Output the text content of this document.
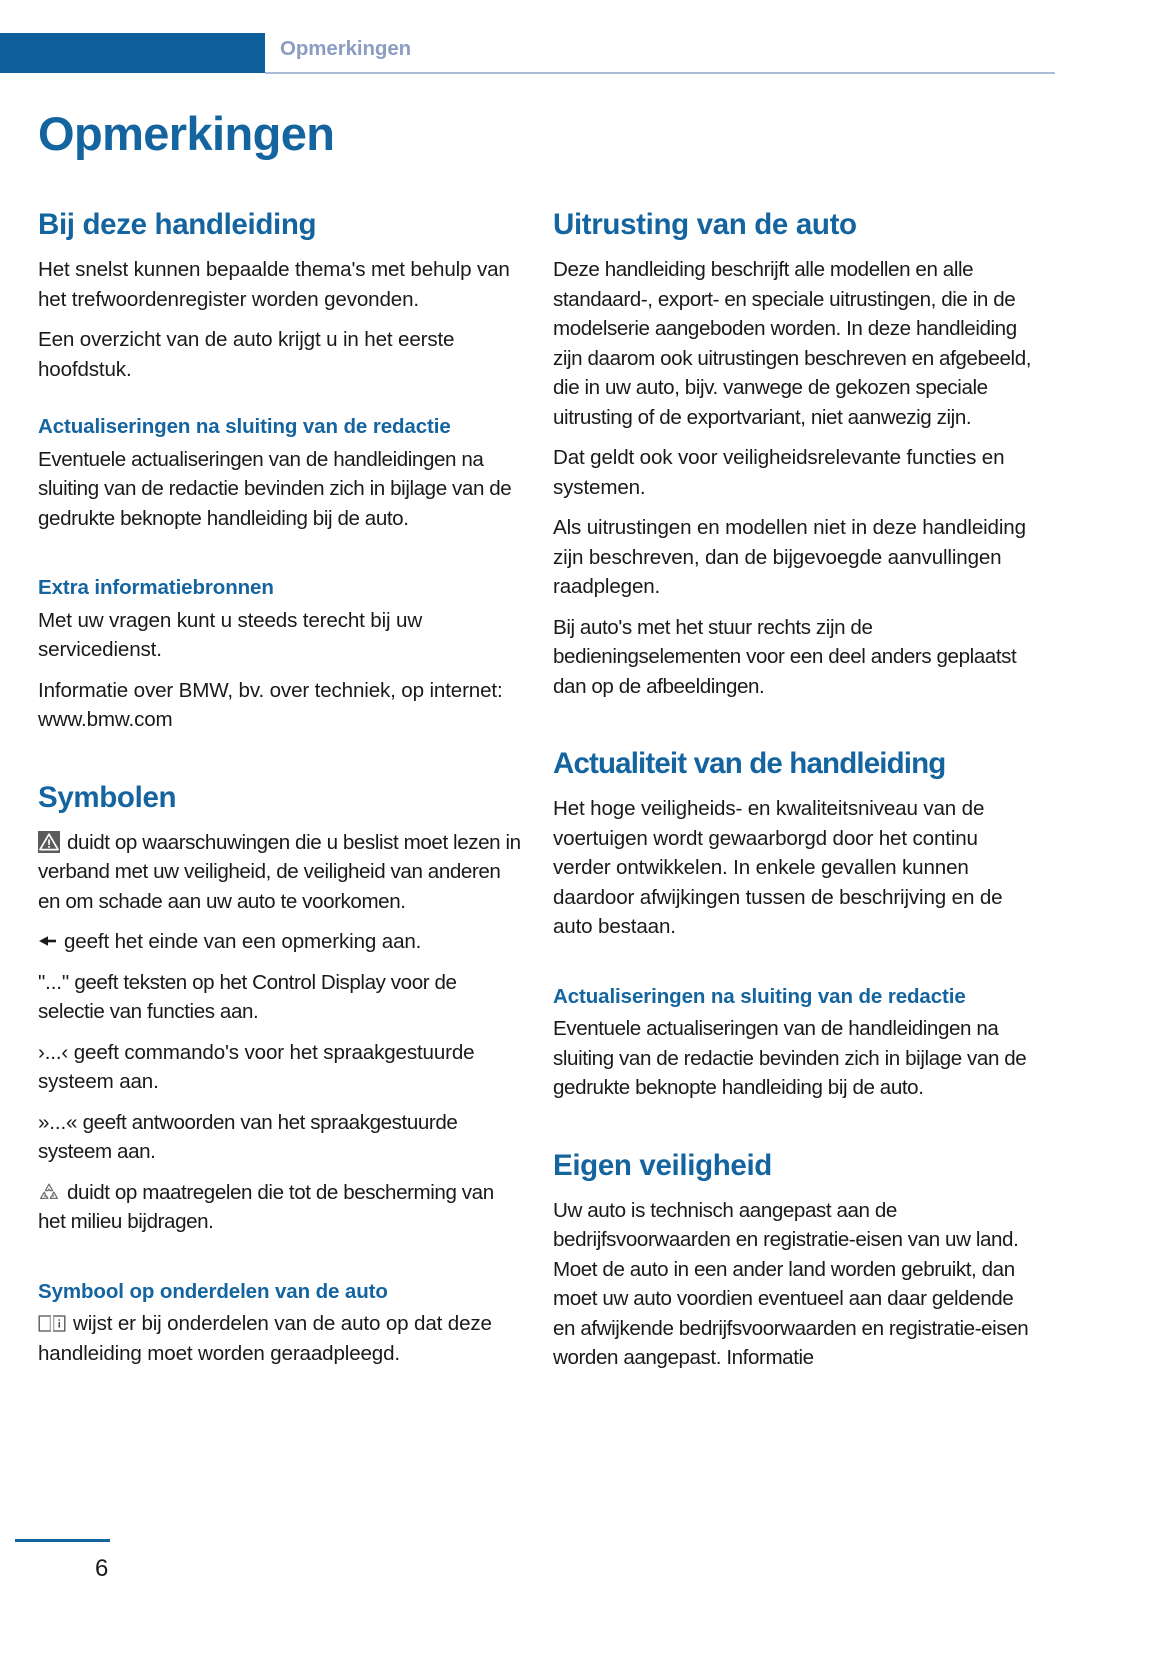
Opmerkingen
Opmerkingen
Bij deze handleiding

Het snelst kunnen bepaalde thema's met behulp van het trefwoordenregister worden gevonden.

Een overzicht van de auto krijgt u in het eerste hoofdstuk.

Actualiseringen na sluiting van de redactie

Eventuele actualiseringen van de handleidingen na sluiting van de redactie bevinden zich in bijlage van de gedrukte beknopte handleiding bij de auto.

Extra informatiebronnen

Met uw vragen kunt u steeds terecht bij uw servicedienst.

Informatie over BMW, bv. over techniek, op internet: www.bmw.com

Symbolen
duidt op waarschuwingen die u beslist moet lezen in verband met uw veiligheid, de veiligheid van anderen en om schade aan uw auto te voorkomen.
geeft het einde van een opmerking aan.
"..." geeft teksten op het Control Display voor de selectie van functies aan.
›...‹ geeft commando's voor het spraakgestuurde systeem aan.
»...« geeft antwoorden van het spraakgestuurde systeem aan.
duidt op maatregelen die tot de bescherming van het milieu bijdragen.
Symbool op onderdelen van de auto
wijst er bij onderdelen van de auto op dat deze handleiding moet worden geraadpleegd.
Uitrusting van de auto

Deze handleiding beschrijft alle modellen en alle standaard-, export- en speciale uitrustingen, die in de modelserie aangeboden worden. In deze handleiding zijn daarom ook uitrustingen beschreven en afgebeeld, die in uw auto, bijv. vanwege de gekozen speciale uitrusting of de exportvariant, niet aanwezig zijn.

Dat geldt ook voor veiligheidsrelevante functies en systemen.

Als uitrustingen en modellen niet in deze handleiding zijn beschreven, dan de bijgevoegde aanvullingen raadplegen.

Bij auto's met het stuur rechts zijn de bedieningselementen voor een deel anders geplaatst dan op de afbeeldingen.

Actualiteit van de handleiding

Het hoge veiligheids- en kwaliteitsniveau van de voertuigen wordt gewaarborgd door het continu verder ontwikkelen. In enkele gevallen kunnen daardoor afwijkingen tussen de beschrijving en de auto bestaan.

Actualiseringen na sluiting van de redactie

Eventuele actualiseringen van de handleidingen na sluiting van de redactie bevinden zich in bijlage van de gedrukte beknopte handleiding bij de auto.

Eigen veiligheid

Uw auto is technisch aangepast aan de bedrijfsvoorwaarden en registratie-eisen van uw land. Moet de auto in een ander land worden gebruikt, dan moet uw auto voordien eventueel aan daar geldende en afwijkende bedrijfsvoorwaarden en registratie-eisen worden aangepast. Informatie

6
